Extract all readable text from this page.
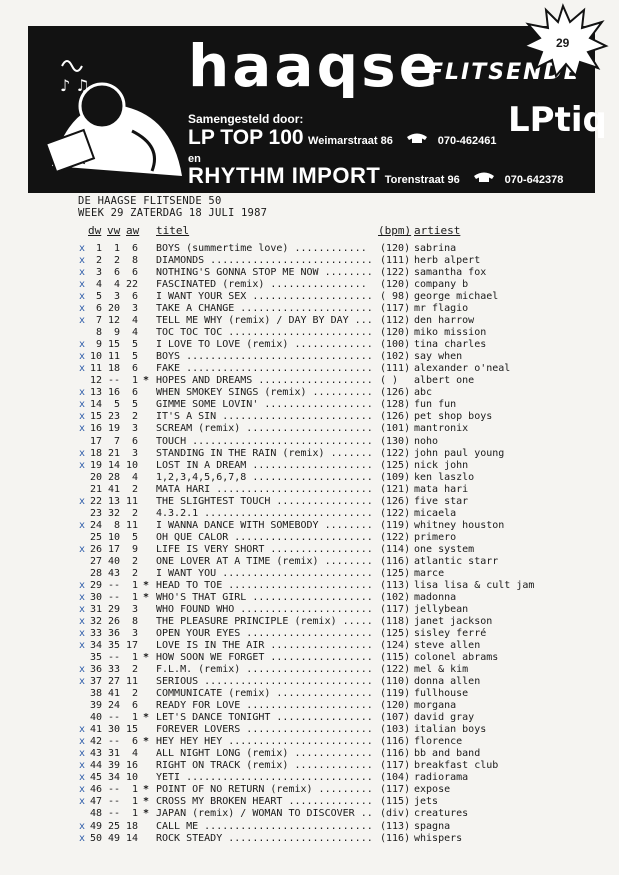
♪ ♫ haaqse
FLITSENDE
Samengesteld door:	LPtiq
LP TOP 100 Weimarstraat 86	070-462461
en
RHYTHM IMPORT Torenstraat 96	070-642378
29
DE HAAGSE FLITSENDE 50
WEEK 29 ZATERDAG 18 JULI 1987
dw vw aw titel	(bpm) artiest
x	1	1	6 BOYS (summertime love) ............ (120) sabrina
x	2	2	8 DIAMONDS ........................... (111) herb alpert
x	3	6	6 NOTHING'S GONNA STOP ME NOW ........ (122) samantha fox
x	4	4 22 FASCINATED (remix) ................ (120) company b
x	5	3	6 I WANT YOUR SEX .................... ( 98) george michael
x	6 20	3 TAKE A CHANGE ...................... (117) mr flagio
x	7 12	4 TELL ME WHY (remix) / DAY BY DAY ... (112) den harrow
8	9	4 TOC TOC TOC ........................ (120) miko mission
x	9 15	5 I LOVE TO LOVE (remix) ............. (100) tina charles
x 10 11	5 BOYS ............................... (102) say when
x 11 18	6 FAKE ............................... (111) alexander o'neal
12 --	1 * HOPES AND DREAMS ................... ( ) albert one
x 13 16	6 WHEN SMOKEY SINGS (remix) .......... (126) abc
x 14	5	5 GIMME SOME LOVIN' .................. (128) fun fun
x 15 23	2 IT'S A SIN ......................... (126) pet shop boys
x 16 19	3 SCREAM (remix) ..................... (101) mantronix
17	7	6 TOUCH .............................. (130) noho
x 18 21	3 STANDING IN THE RAIN (remix) ....... (122) john paul young
x 19 14 10 LOST IN A DREAM .................... (125) nick john
20 28	4 1,2,3,4,5,6,7,8 .................... (109) ken laszlo
21 41	2 MATA HARI .......................... (121) mata hari
x 22 13 11 THE SLIGHTEST TOUCH ................ (126) five star
23 32	2 4.3.2.1 ............................ (122) micaela
x 24	8 11 I WANNA DANCE WITH SOMEBODY ........ (119) whitney houston
25 10	5 OH QUE CALOR ....................... (122) primero
x 26 17	9 LIFE IS VERY SHORT ................. (114) one system
27 40	2 ONE LOVER AT A TIME (remix) ........ (116) atlantic starr
28 43	2 I WANT YOU ......................... (125) marce
x 29 --	1 * HEAD TO TOE ........................ (113) lisa lisa & cult jam
x 30 --	1 * WHO'S THAT GIRL .................... (102) madonna
x 31 29	3 WHO FOUND WHO ...................... (117) jellybean
x 32 26	8 THE PLEASURE PRINCIPLE (remix) ..... (118) janet jackson
x 33 36	3 OPEN YOUR EYES ..................... (125) sisley ferré
x 34 35 17 LOVE IS IN THE AIR ................. (124) steve allen
35 --	1 * HOW SOON WE FORGET ................. (115) colonel abrams
x 36 33	2 F.L.M. (remix) ..................... (122) mel & kim
x 37 27 11 SERIOUS ............................ (110) donna allen
38 41	2 COMMUNICATE (remix) ................ (119) fullhouse
39 24	6 READY FOR LOVE ..................... (120) morgana
40 --	1 * LET'S DANCE TONIGHT ................ (107) david gray
x 41 30 15 FOREVER LOVERS ..................... (103) italian boys
x 42 --	6 * HEY HEY HEY ........................ (116) florence
x 43 31	4 ALL NIGHT LONG (remix) ............. (116) bb and band
x 44 39 16 RIGHT ON TRACK (remix) ............. (117) breakfast club
x 45 34 10 YETI ............................... (104) radiorama
x 46 --	1 * POINT OF NO RETURN (remix) ......... (117) expose
x 47 --	1 * CROSS MY BROKEN HEART .............. (115) jets
48 --	1 * JAPAN (remix) / WOMAN TO DISCOVER .. (div) creatures
x 49 25 18 CALL ME ............................ (113) spagna
x 50 49 14 ROCK STEADY ........................ (116) whispers
